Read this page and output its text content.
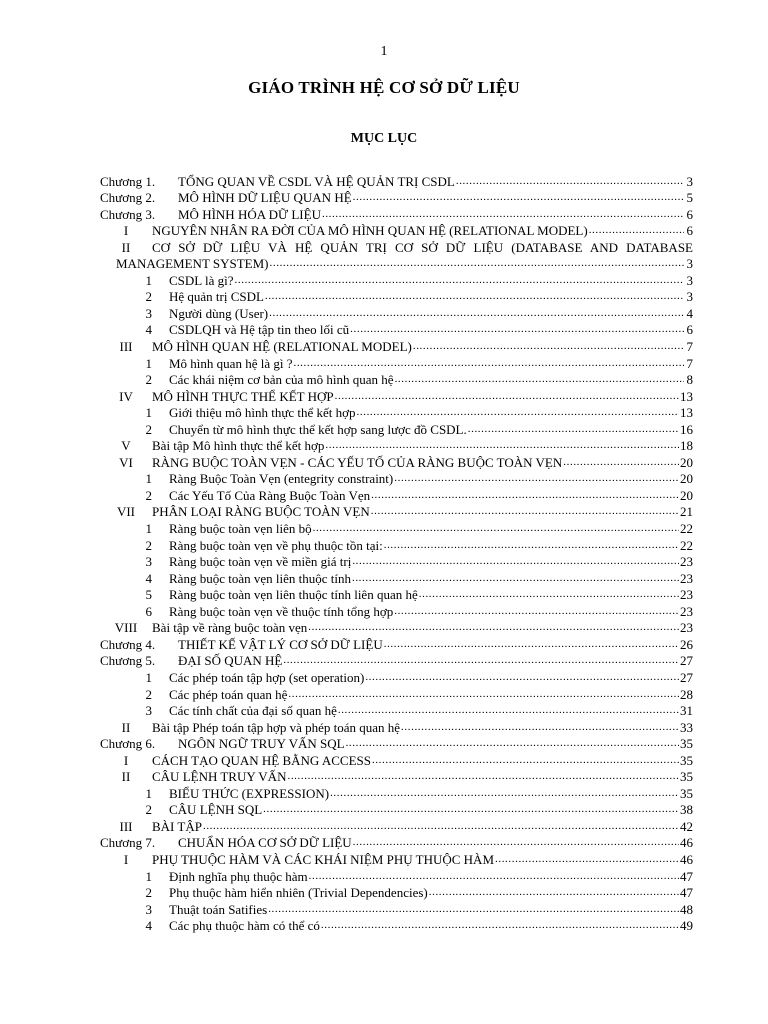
1
GIÁO TRÌNH HỆ CƠ SỞ DỮ LIỆU
MỤC LỤC
Chương 1.	TỔNG QUAN VỀ CSDL VÀ HỆ QUẢN TRỊ CSDL .....	3
Chương 2.	MÔ HÌNH DỮ LIỆU QUAN HỆ .....	5
Chương 3.	MÔ HÌNH HÓA DỮ LIỆU .....	6
I	NGUYÊN NHÂN RA ĐỜI CỦA MÔ HÌNH QUAN HỆ (RELATIONAL MODEL) .....	6
II	CƠ SỞ DỮ LIỆU VÀ HỆ QUẢN TRỊ CƠ SỞ DỮ LIỆU (DATABASE AND DATABASE
MANAGEMENT SYSTEM) .....	3
1	CSDL là gì? .....	3
2	Hệ quản trị CSDL .....	3
3	Người dùng (User) .....	4
4	CSDLQH và Hệ tập tin theo lối cũ .....	6
III	MÔ HÌNH QUAN HỆ (RELATIONAL MODEL) .....	7
1	Mô hình quan hệ là gì ? .....	7
2	Các khái niệm cơ bản của mô hình quan hệ .....	8
IV	MÔ HÌNH THỰC THỂ KẾT HỢP .....	13
1	Giới thiệu mô hình thực thể kết hợp .....	13
2	Chuyển từ mô hình thực thể kết hợp sang lược đồ CSDL. .....	16
V	Bài tập Mô hình thực thể kết hợp .....	18
VI	RÀNG BUỘC TOÀN VẸN - CÁC YẾU TỐ CỦA RÀNG BUỘC TOÀN VẸN .....	20
1	Ràng Buộc Toàn Vẹn (entegrity constraint) .....	20
2	Các Yếu Tố Của Ràng Buộc Toàn Vẹn .....	20
VII	PHÂN LOẠI RÀNG BUỘC TOÀN VẸN .....	21
1	Ràng buộc toàn vẹn liên bộ .....	22
2	Ràng buộc toàn vẹn về phụ thuộc tồn tại: .....	22
3	Ràng buộc toàn vẹn về miền giá trị .....	23
4	Ràng buộc toàn vẹn liên thuộc tính .....	23
5	Ràng buộc toàn vẹn liên thuộc tính liên quan hệ .....	23
6	Ràng buộc toàn vẹn về thuộc tính tổng hợp .....	23
VIII	Bài tập về ràng buộc toàn vẹn .....	23
Chương 4.	THIẾT KẾ VẬT LÝ CƠ SỞ DỮ LIỆU .....	26
Chương 5.	ĐẠI SỐ QUAN HỆ .....	27
1	Các phép toán tập hợp (set operation) .....	27
2	Các phép toán quan hệ .....	28
3	Các tính chất của đại số quan hệ .....	31
II	Bài tập Phép toán tập hợp và phép toán quan hệ .....	33
Chương 6.	NGÔN NGỮ TRUY VẤN SQL .....	35
I	CÁCH TẠO QUAN HỆ BẰNG ACCESS .....	35
II	CÂU LỆNH TRUY VẤN .....	35
1	BIỂU THỨC (EXPRESSION) .....	35
2	CÂU LỆNH SQL .....	38
III	BÀI TẬP .....	42
Chương 7.	CHUẨN HÓA CƠ SỞ DỮ LIỆU .....	46
I	PHỤ THUỘC HÀM VÀ CÁC KHÁI NIỆM PHỤ THUỘC HÀM .....	46
1	Định nghĩa phụ thuộc hàm .....	47
2	Phụ thuộc hàm hiển nhiên (Trivial Dependencies) .....	47
3	Thuật toán Satifies .....	48
4	Các phụ thuộc hàm có thể có .....	49
